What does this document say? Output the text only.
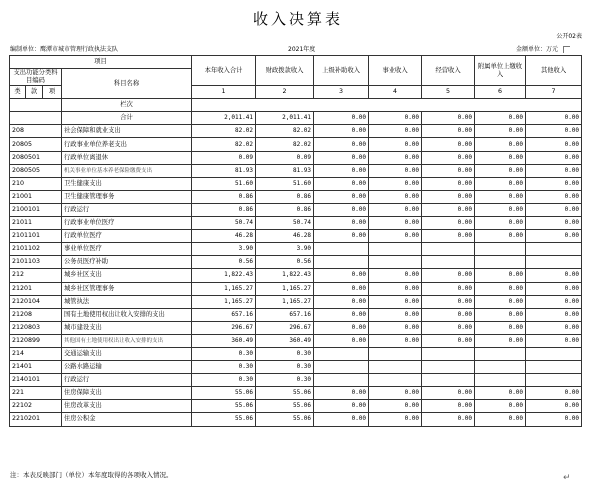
收入决算表
公开02表
编制单位：鹰潭市城市管理行政执法支队	2021年度	金额单位：万元
项目				本年收入合计	财政拨款收入	上级补助收入	事业收入	经营收入	附属单位上缴收入	其他收入
支出功能分类科目编码			科目名称							
类	款	项		1	2	3	4	5	6	7
			栏次							
			合计	2,011.41	2,011.41	0.00	0.00	0.00	0.00	0.00
208			社会保障和就业支出	82.02	82.02	0.00	0.00	0.00	0.00	0.00
20805			行政事业单位养老支出	82.02	82.02	0.00	0.00	0.00	0.00	0.00
2080501			行政单位离退休	0.09	0.09	0.00	0.00	0.00	0.00	0.00
2080505			机关事业单位基本养老保险缴费支出	81.93	81.93	0.00	0.00	0.00	0.00	0.00
210			卫生健康支出	51.60	51.60	0.00	0.00	0.00	0.00	0.00
21001			卫生健康管理事务	0.86	0.86	0.00	0.00	0.00	0.00	0.00
2100101			行政运行	0.86	0.86	0.00	0.00	0.00	0.00	0.00
21011			行政事业单位医疗	50.74	50.74	0.00	0.00	0.00	0.00	0.00
2101101			行政单位医疗	46.28	46.28	0.00	0.00	0.00	0.00	0.00
2101102			事业单位医疗	3.90	3.90					
2101103			公务员医疗补助	0.56	0.56					
212			城乡社区支出	1,822.43	1,822.43	0.00	0.00	0.00	0.00	0.00
21201			城乡社区管理事务	1,165.27	1,165.27	0.00	0.00	0.00	0.00	0.00
2120104			城管执法	1,165.27	1,165.27	0.00	0.00	0.00	0.00	0.00
21208			国有土地使用权出让收入安排的支出	657.16	657.16	0.00	0.00	0.00	0.00	0.00
2120803			城市建设支出	296.67	296.67	0.00	0.00	0.00	0.00	0.00
2120899			其他国有土地使用权出让收入安排的支出	360.49	360.49	0.00	0.00	0.00	0.00	0.00
214			交通运输支出	0.30	0.30					
21401			公路水路运输	0.30	0.30					
2140101			行政运行	0.30	0.30					
221			住房保障支出	55.06	55.06	0.00	0.00	0.00	0.00	0.00
22102			住房改革支出	55.06	55.06	0.00	0.00	0.00	0.00	0.00
2210201			住房公积金	55.06	55.06	0.00	0.00	0.00	0.00	0.00
注：本表反映部门（单位）本年度取得的各项收入情况。	↵
